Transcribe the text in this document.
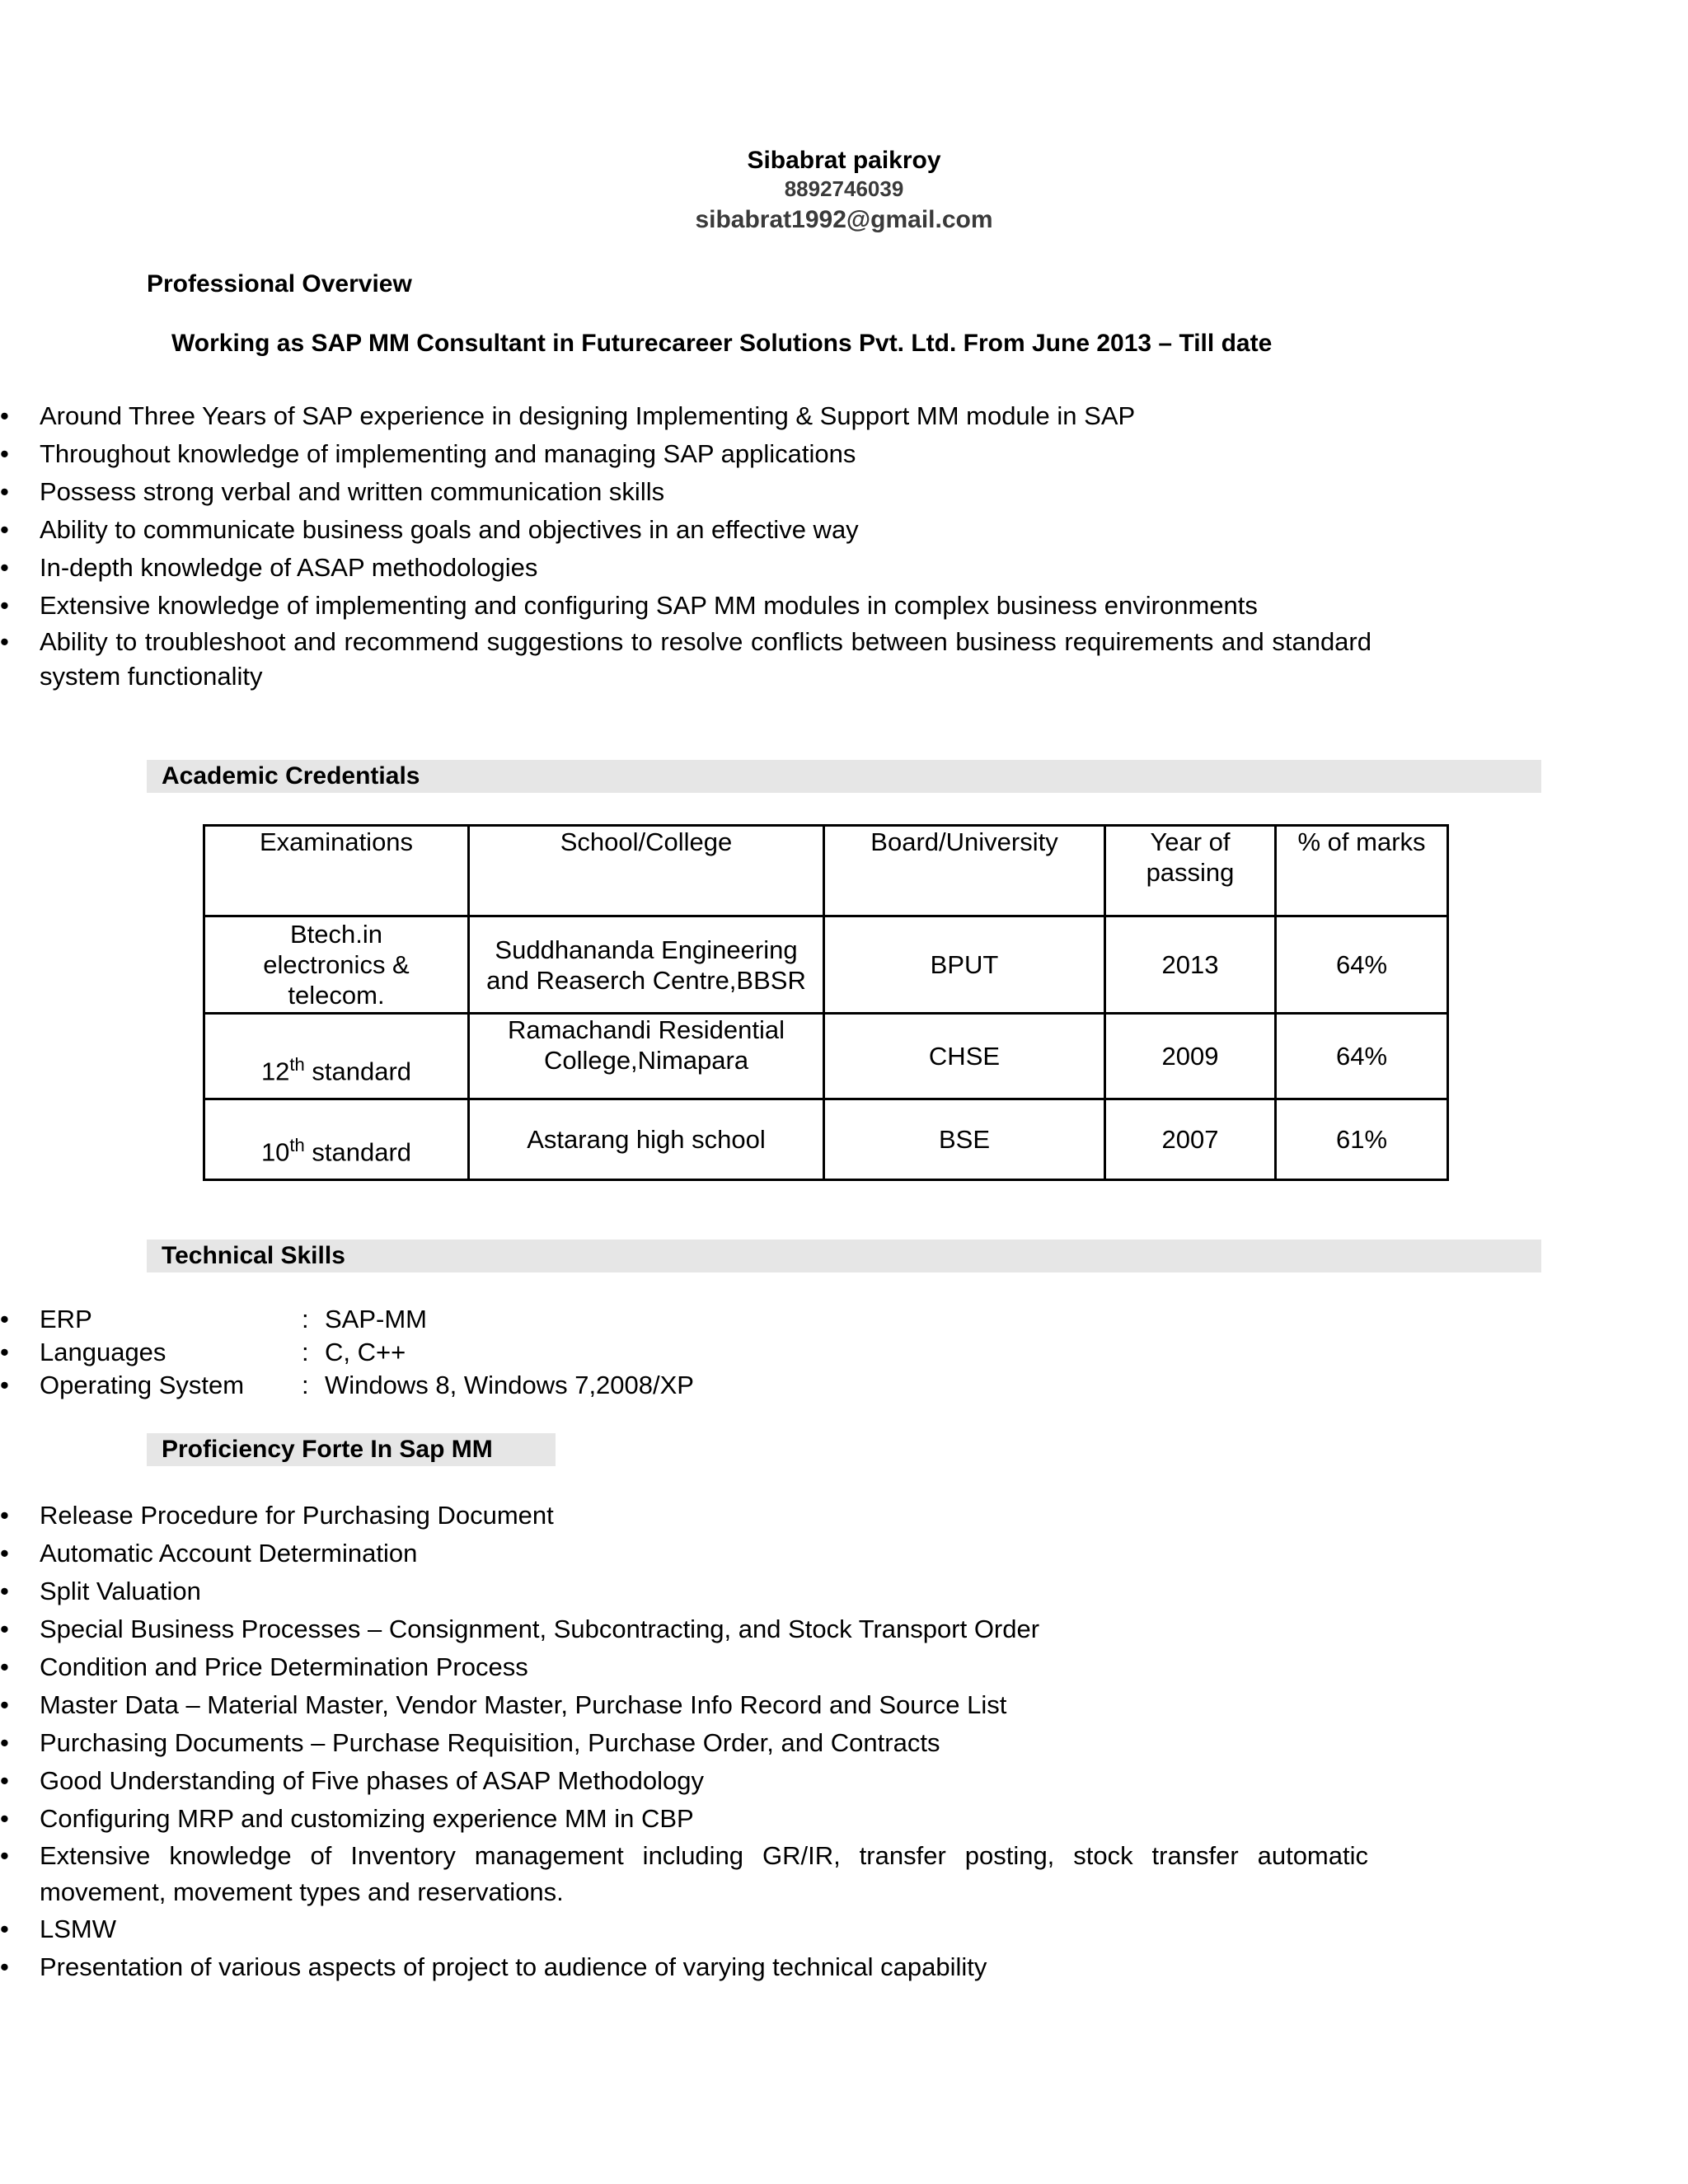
Sibabrat paikroy
8892746039
sibabrat1992@gmail.com
Professional Overview
Working as SAP MM Consultant in Futurecareer Solutions Pvt. Ltd. From June 2013 – Till date
• Around Three Years of SAP experience in designing Implementing & Support MM module in SAP
• Throughout knowledge of implementing and managing SAP applications
• Possess strong verbal and written communication skills
• Ability to communicate business goals and objectives in an effective way
• In-depth knowledge of ASAP methodologies
• Extensive knowledge of implementing and configuring SAP MM modules in complex business environments
• Ability to troubleshoot and recommend suggestions to resolve conflicts between business requirements and standard system functionality
Academic Credentials
Examinations	School/College	Board/University	Year of passing	% of marks
Btech.in electronics & telecom.	Suddhananda Engineering and Reaserch Centre,BBSR	BPUT	2013	64%
12th standard	Ramachandi Residential College,Nimapara	CHSE	2009	64%
10th standard	Astarang high school	BSE	2007	61%
Technical Skills
• ERP	: SAP-MM
• Languages	: C, C++
• Operating System : Windows 8, Windows 7,2008/XP
Proficiency Forte In Sap MM
• Release Procedure for Purchasing Document
• Automatic Account Determination
• Split Valuation
• Special Business Processes – Consignment, Subcontracting, and Stock Transport Order
• Condition and Price Determination Process
• Master Data – Material Master, Vendor Master, Purchase Info Record and Source List
• Purchasing Documents – Purchase Requisition, Purchase Order, and Contracts
• Good Understanding of Five phases of ASAP Methodology
• Configuring MRP and customizing experience MM in CBP
• Extensive knowledge of Inventory management including GR/IR, transfer posting, stock transfer automatic movement, movement types and reservations.
• LSMW
• Presentation of various aspects of project to audience of varying technical capability
